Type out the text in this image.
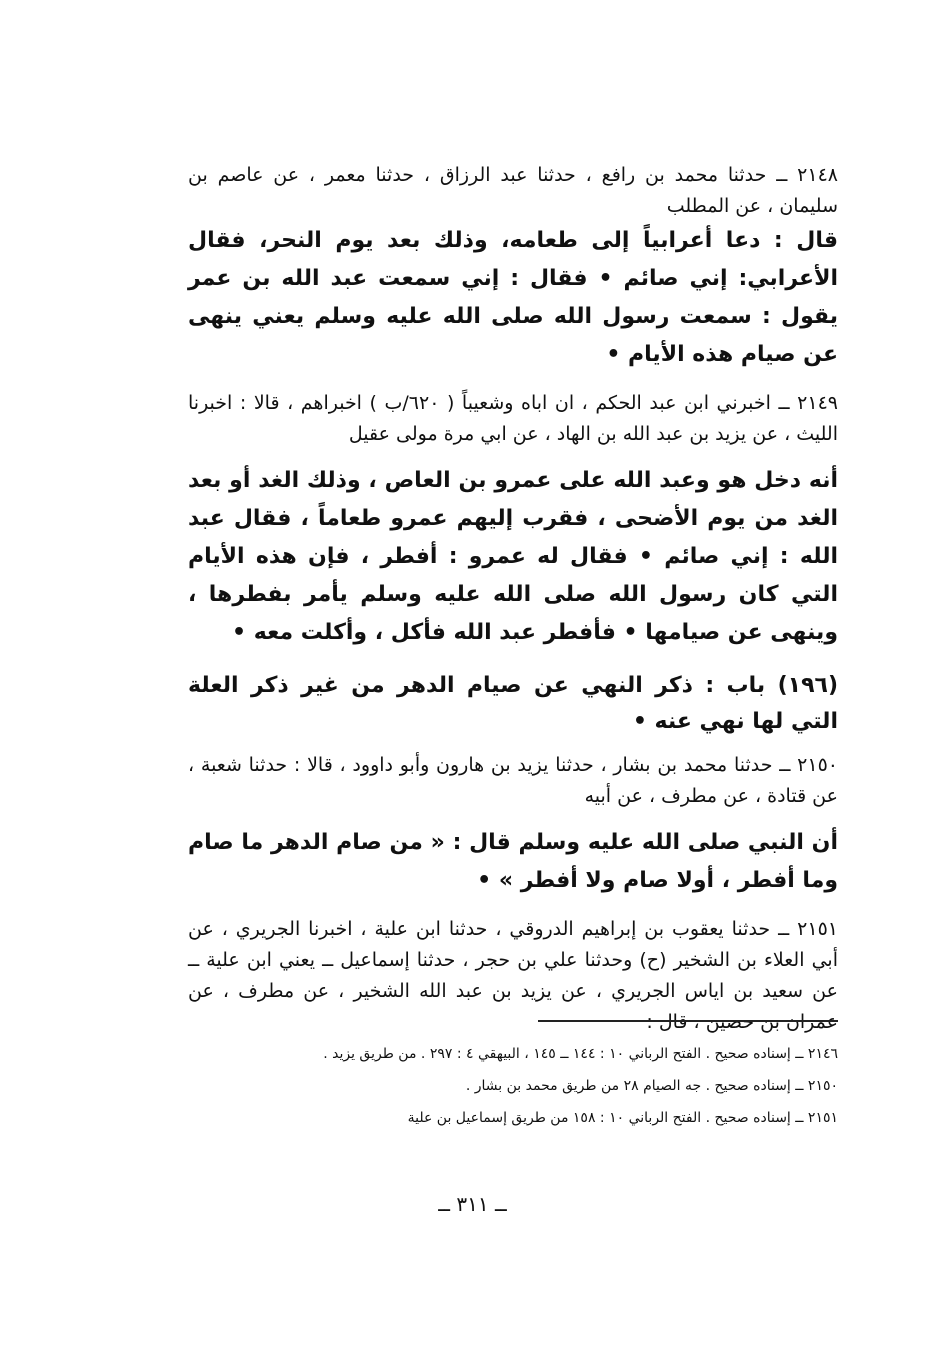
٢١٤٨ ــ حدثنا محمد بن رافع ، حدثنا عبد الرزاق ، حدثنا معمر ، عن عاصم بن سليمان ، عن المطلب

قال : دعا أعرابياً إلى طعامه، وذلك بعد يوم النحر، فقال الأعرابي: إني صائم • فقال : إني سمعت عبد الله بن عمر يقول : سمعت رسول الله صلى الله عليه وسلم يعني ينهى عن صيام هذه الأيام •

٢١٤٩ ــ اخبرني ابن عبد الحكم ، ان اباه وشعيباً ( ٦٢٠/ب ) اخبراهم ، قالا : اخبرنا الليث ، عن يزيد بن عبد الله بن الهاد ، عن ابي مرة مولى عقيل

أنه دخل هو وعبد الله على عمرو بن العاص ، وذلك الغد أو بعد الغد من يوم الأضحى ، فقرب إليهم عمرو طعاماً ، فقال عبد الله : إني صائم • فقال له عمرو : أفطر ، فإن هذه الأيام التي كان رسول الله صلى الله عليه وسلم يأمر بفطرها ، وينهى عن صيامها • فأفطر عبد الله فأكل ، وأكلت معه •

(١٩٦) باب : ذكر النهي عن صيام الدهر من غير ذكر العلة التي لها نهي عنه •

٢١٥٠ ــ حدثنا محمد بن بشار ، حدثنا يزيد بن هارون وأبو داوود ، قالا : حدثنا شعبة ، عن قتادة ، عن مطرف ، عن أبيه

أن النبي صلى الله عليه وسلم قال : « من صام الدهر ما صام وما أفطر ، أولا صام ولا أفطر » •

٢١٥١ ــ حدثنا يعقوب بن إبراهيم الدروقي ، حدثنا ابن علية ، اخبرنا الجريري ، عن أبي العلاء بن الشخير (ح) وحدثنا علي بن حجر ، حدثنا إسماعيل ــ يعني ابن علية ــ عن سعيد بن اياس الجريري ، عن يزيد بن عبد الله الشخير ، عن مطرف ، عن عمران بن حصين ، قال :

٢١٤٦ ــ إسناده صحيح . الفتح الرباني ١٠ : ١٤٤ ــ ١٤٥ ، البيهقي ٤ : ٢٩٧ . من طريق يزيد .

٢١٥٠ ــ إسناده صحيح . جه الصيام ٢٨ من طريق محمد بن بشار .

٢١٥١ ــ إسناده صحيح . الفتح الرباني ١٠ : ١٥٨ من طريق إسماعيل بن علية

ــ ٣١١ ــ
